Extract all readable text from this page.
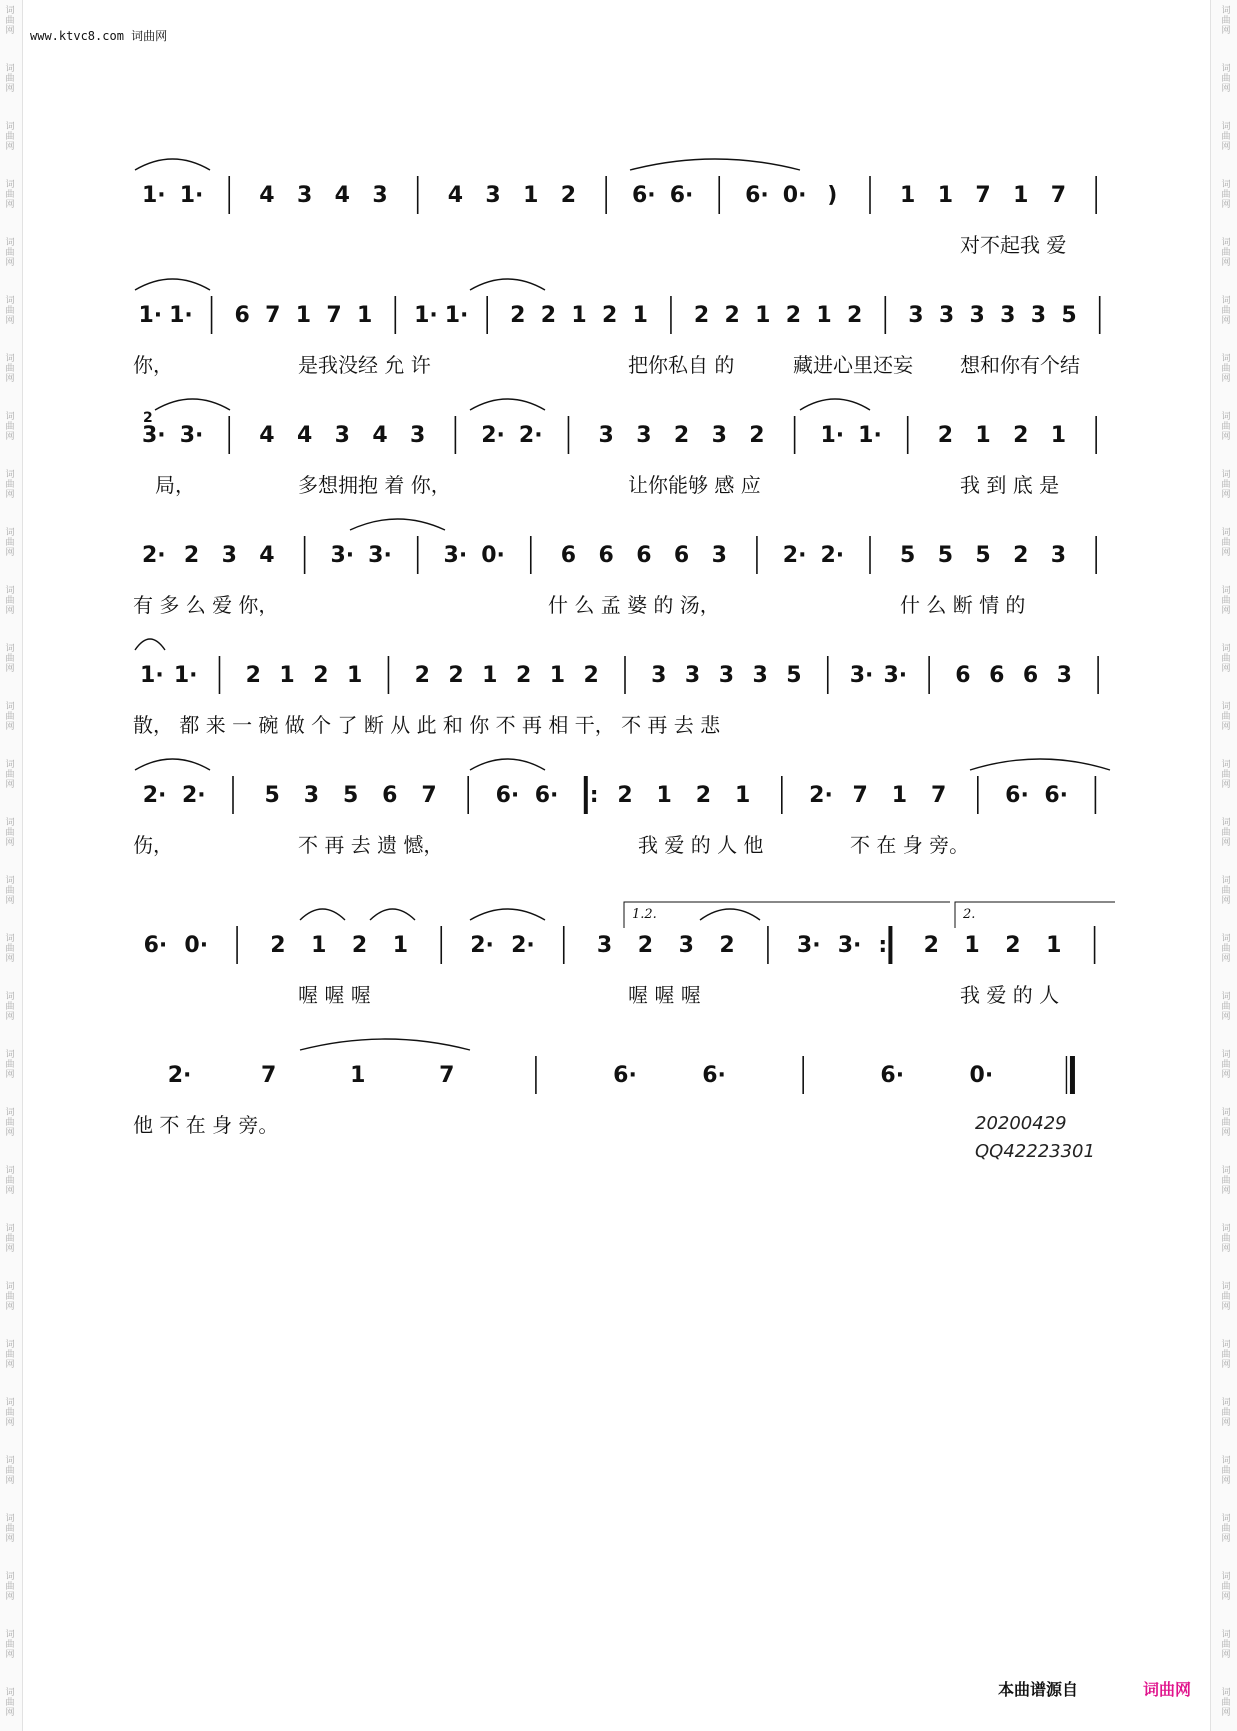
词
曲
网
词
曲
网
词
曲
网
词
曲
网
词
曲
网
词
曲
网
词
曲
网
词
曲
网
词
曲
网
词
曲
网
词
曲
网
词
曲
网
词
曲
网
词
曲
网
词
曲
网
词
曲
网
词
曲
网
词
曲
网
词
曲
网
词
曲
网
词
曲
网
词
曲
网
词
曲
网
词
曲
网
词
曲
网
词
曲
网
词
曲
网
词
曲
网
词
曲
网
词
曲
网
词
曲
网
词
曲
网
词
曲
网
词
曲
网
词
曲
网
词
曲
网
词
曲
网
词
曲
网
词
曲
网
词
曲
网
词
曲
网
词
曲
网
词
曲
网
词
曲
网
词
曲
网
词
曲
网
词
曲
网
词
曲
网
词
曲
网
词
曲
网
词
曲
网
词
曲
网
词
曲
网
词
曲
网
词
曲
网
词
曲
网
词
曲
网
词
曲
网
词
曲
网
词
曲
网
www.ktvc8.com 词曲网
1· 1·	4 3 4 3	4 3 1 2	6· 6· 6· 0· )	1 1 7 1 7
1· 1· 6 7 1 7 1 1· 1· 2 2 1 2 1 2 2 1 2 1 2 3 3 3 3 3 5
3· 3·	4 4 3 4 3	2· 2·	3 3 2 3 2	1· 1·	2 1 2 1
2· 2 3 4	3· 3· 3· 0·	6 6 6 6 3	2· 2·	5 5 5 2 3
1· 1· 2 1 2 1 2 2 1 2 1 2 3 3 3 3 5 3· 3· 6 6 6 3
2· 2·	5 3 5 6 7	6· 6· : 2 1 2 1	2· 7 1 7	6· 6·
6· 0·	2 1 2 1	2· 2·	3 2 3 2	3· 3· : 2 1 2 1
2·	7	1	7	6·	6·	6·	0·
2
1.2.	2.
对不起我 爱
你，	是我没经 允 许	把你私自 的	藏进心里还妄 想和你有个结
局，	多想拥抱 着 你，	让你能够 感 应	我 到 底 是
有 多 么 爱 你，	什 么 孟 婆 的 汤，	什 么 断 情 的
散， 都 来 一 碗 做 个 了 断 从 此 和 你 不 再 相 干， 不 再 去 悲
伤，	不 再 去 遗 憾，	我 爱 的 人 他	不 在 身 旁。
喔 喔 喔	喔 喔 喔	我 爱 的 人
他 不 在 身 旁。	20200429
QQ42223301
本曲谱源自	词曲网
